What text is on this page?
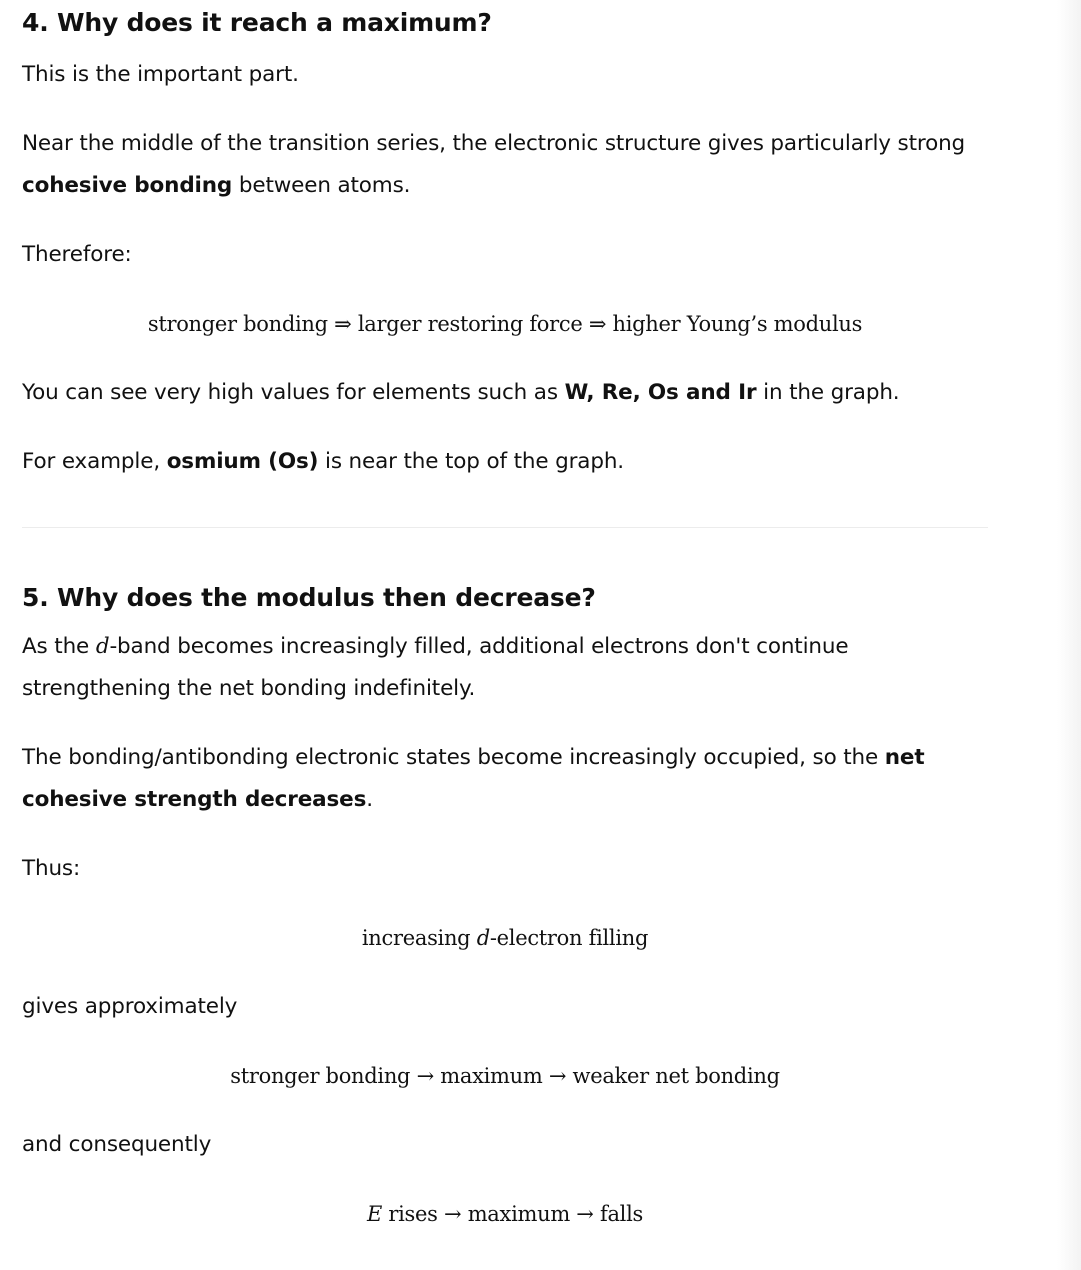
4. Why does it reach a maximum?

This is the important part.

Near the middle of the transition series, the electronic structure gives particularly strong cohesive bonding between atoms.

Therefore:

stronger bonding ⇒ larger restoring force ⇒ higher Young’s modulus

You can see very high values for elements such as W, Re, Os and Ir in the graph.

For example, osmium (Os) is near the top of the graph.

5. Why does the modulus then decrease?

As the d-band becomes increasingly filled, additional electrons don't continue strengthening the net bonding indefinitely.

The bonding/antibonding electronic states become increasingly occupied, so the net cohesive strength decreases.

Thus:

increasing d-electron filling

gives approximately

stronger bonding → maximum → weaker net bonding

and consequently

E rises → maximum → falls
